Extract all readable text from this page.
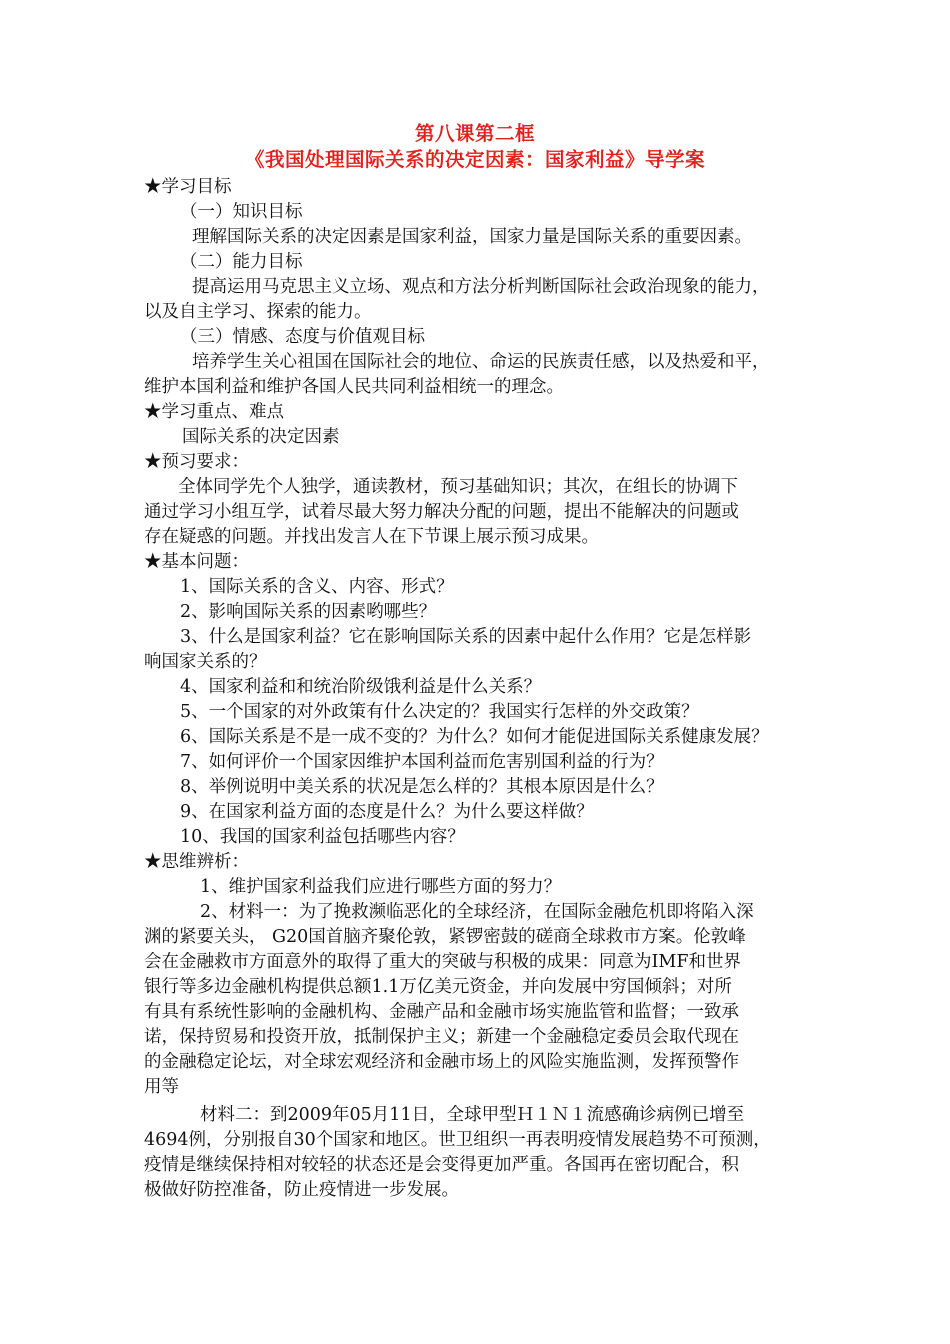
第八课第二框
《我国处理国际关系的决定因素：国家利益》导学案
★学习目标
（一）知识目标
理解国际关系的决定因素是国家利益，国家力量是国际关系的重要因素。
（二）能力目标
提高运用马克思主义立场、观点和方法分析判断国际社会政治现象的能力，
以及自主学习、探索的能力。
（三）情感、态度与价值观目标
培养学生关心祖国在国际社会的地位、命运的民族责任感，以及热爱和平，
维护本国利益和维护各国人民共同利益相统一的理念。
★学习重点、难点
国际关系的决定因素
★预习要求：
全体同学先个人独学，通读教材，预习基础知识；其次，在组长的协调下
通过学习小组互学，试着尽最大努力解决分配的问题，提出不能解决的问题或
存在疑惑的问题。并找出发言人在下节课上展示预习成果。
★基本问题：
1、国际关系的含义、内容、形式？
2、影响国际关系的因素哟哪些？
3、什么是国家利益？它在影响国际关系的因素中起什么作用？它是怎样影
响国家关系的？
4、国家利益和和统治阶级饿利益是什么关系？
5、一个国家的对外政策有什么决定的？我国实行怎样的外交政策？
6、国际关系是不是一成不变的？为什么？如何才能促进国际关系健康发展？
7、如何评价一个国家因维护本国利益而危害别国利益的行为？
8、举例说明中美关系的状况是怎么样的？其根本原因是什么？
9、在国家利益方面的态度是什么？为什么要这样做？
10、我国的国家利益包括哪些内容？
★思维辨析：
1、维护国家利益我们应进行哪些方面的努力？
2、材料一：为了挽救濒临恶化的全球经济，在国际金融危机即将陷入深
渊的紧要关头， G20国首脑齐聚伦敦，紧锣密鼓的磋商全球救市方案。伦敦峰
会在金融救市方面意外的取得了重大的突破与积极的成果：同意为IMF和世界
银行等多边金融机构提供总额1.1万亿美元资金，并向发展中穷国倾斜；对所
有具有系统性影响的金融机构、金融产品和金融市场实施监管和监督；一致承
诺，保持贸易和投资开放，抵制保护主义；新建一个金融稳定委员会取代现在
的金融稳定论坛，对全球宏观经济和金融市场上的风险实施监测，发挥预警作
用等
材料二：到2009年05月11日，全球甲型Ｈ１Ｎ１流感确诊病例已增至
4694例，分别报自30个国家和地区。世卫组织一再表明疫情发展趋势不可预测，
疫情是继续保持相对较轻的状态还是会变得更加严重。各国再在密切配合，积
极做好防控准备，防止疫情进一步发展。
